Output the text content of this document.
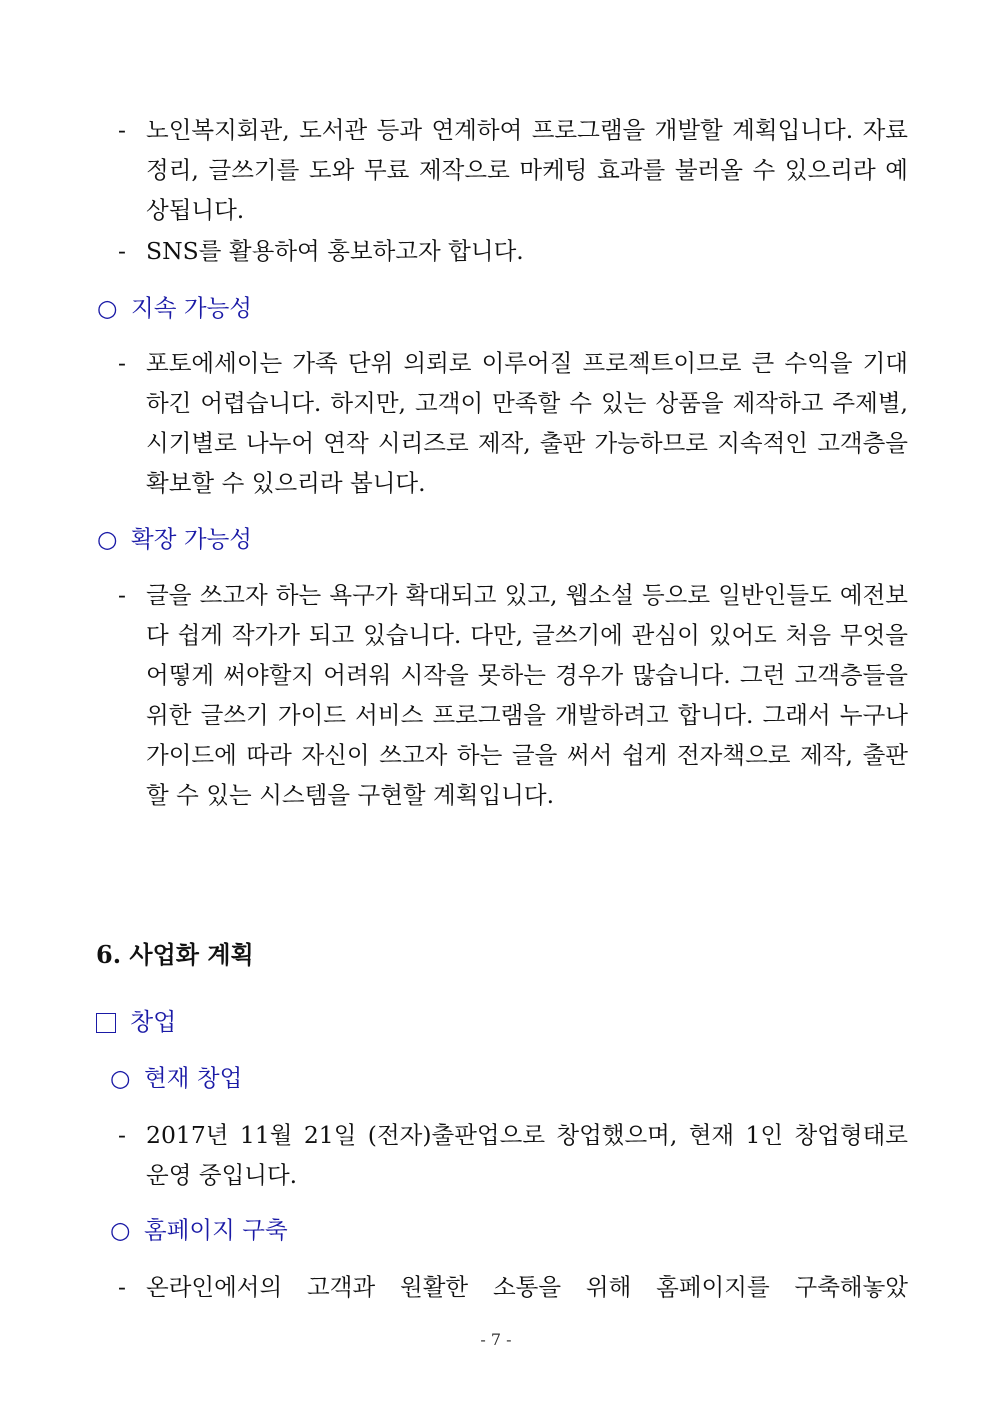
- 노인복지회관, 도서관 등과 연계하여 프로그램을 개발할 계획입니다. 자료 정리, 글쓰기를 도와 무료 제작으로 마케팅 효과를 불러올 수 있으리라 예상됩니다.
- SNS를 활용하여 홍보하고자 합니다.
○ 지속 가능성
- 포토에세이는 가족 단위 의뢰로 이루어질 프로젝트이므로 큰 수익을 기대하긴 어렵습니다. 하지만, 고객이 만족할 수 있는 상품을 제작하고 주제별, 시기별로 나누어 연작 시리즈로 제작, 출판 가능하므로 지속적인 고객층을 확보할 수 있으리라 봅니다.
○ 확장 가능성
- 글을 쓰고자 하는 욕구가 확대되고 있고, 웹소설 등으로 일반인들도 예전보다 쉽게 작가가 되고 있습니다. 다만, 글쓰기에 관심이 있어도 처음 무엇을 어떻게 써야할지 어려워 시작을 못하는 경우가 많습니다. 그런 고객층들을 위한 글쓰기 가이드 서비스 프로그램을 개발하려고 합니다. 그래서 누구나 가이드에 따라 자신이 쓰고자 하는 글을 써서 쉽게 전자책으로 제작, 출판할 수 있는 시스템을 구현할 계획입니다.
6. 사업화 계획
창업
○ 현재 창업
- 2017년 11월 21일 (전자)출판업으로 창업했으며, 현재 1인 창업형태로 운영 중입니다.
○ 홈페이지 구축
- 온라인에서의 고객과 원활한 소통을 위해 홈페이지를 구축해놓았
- 7 -
